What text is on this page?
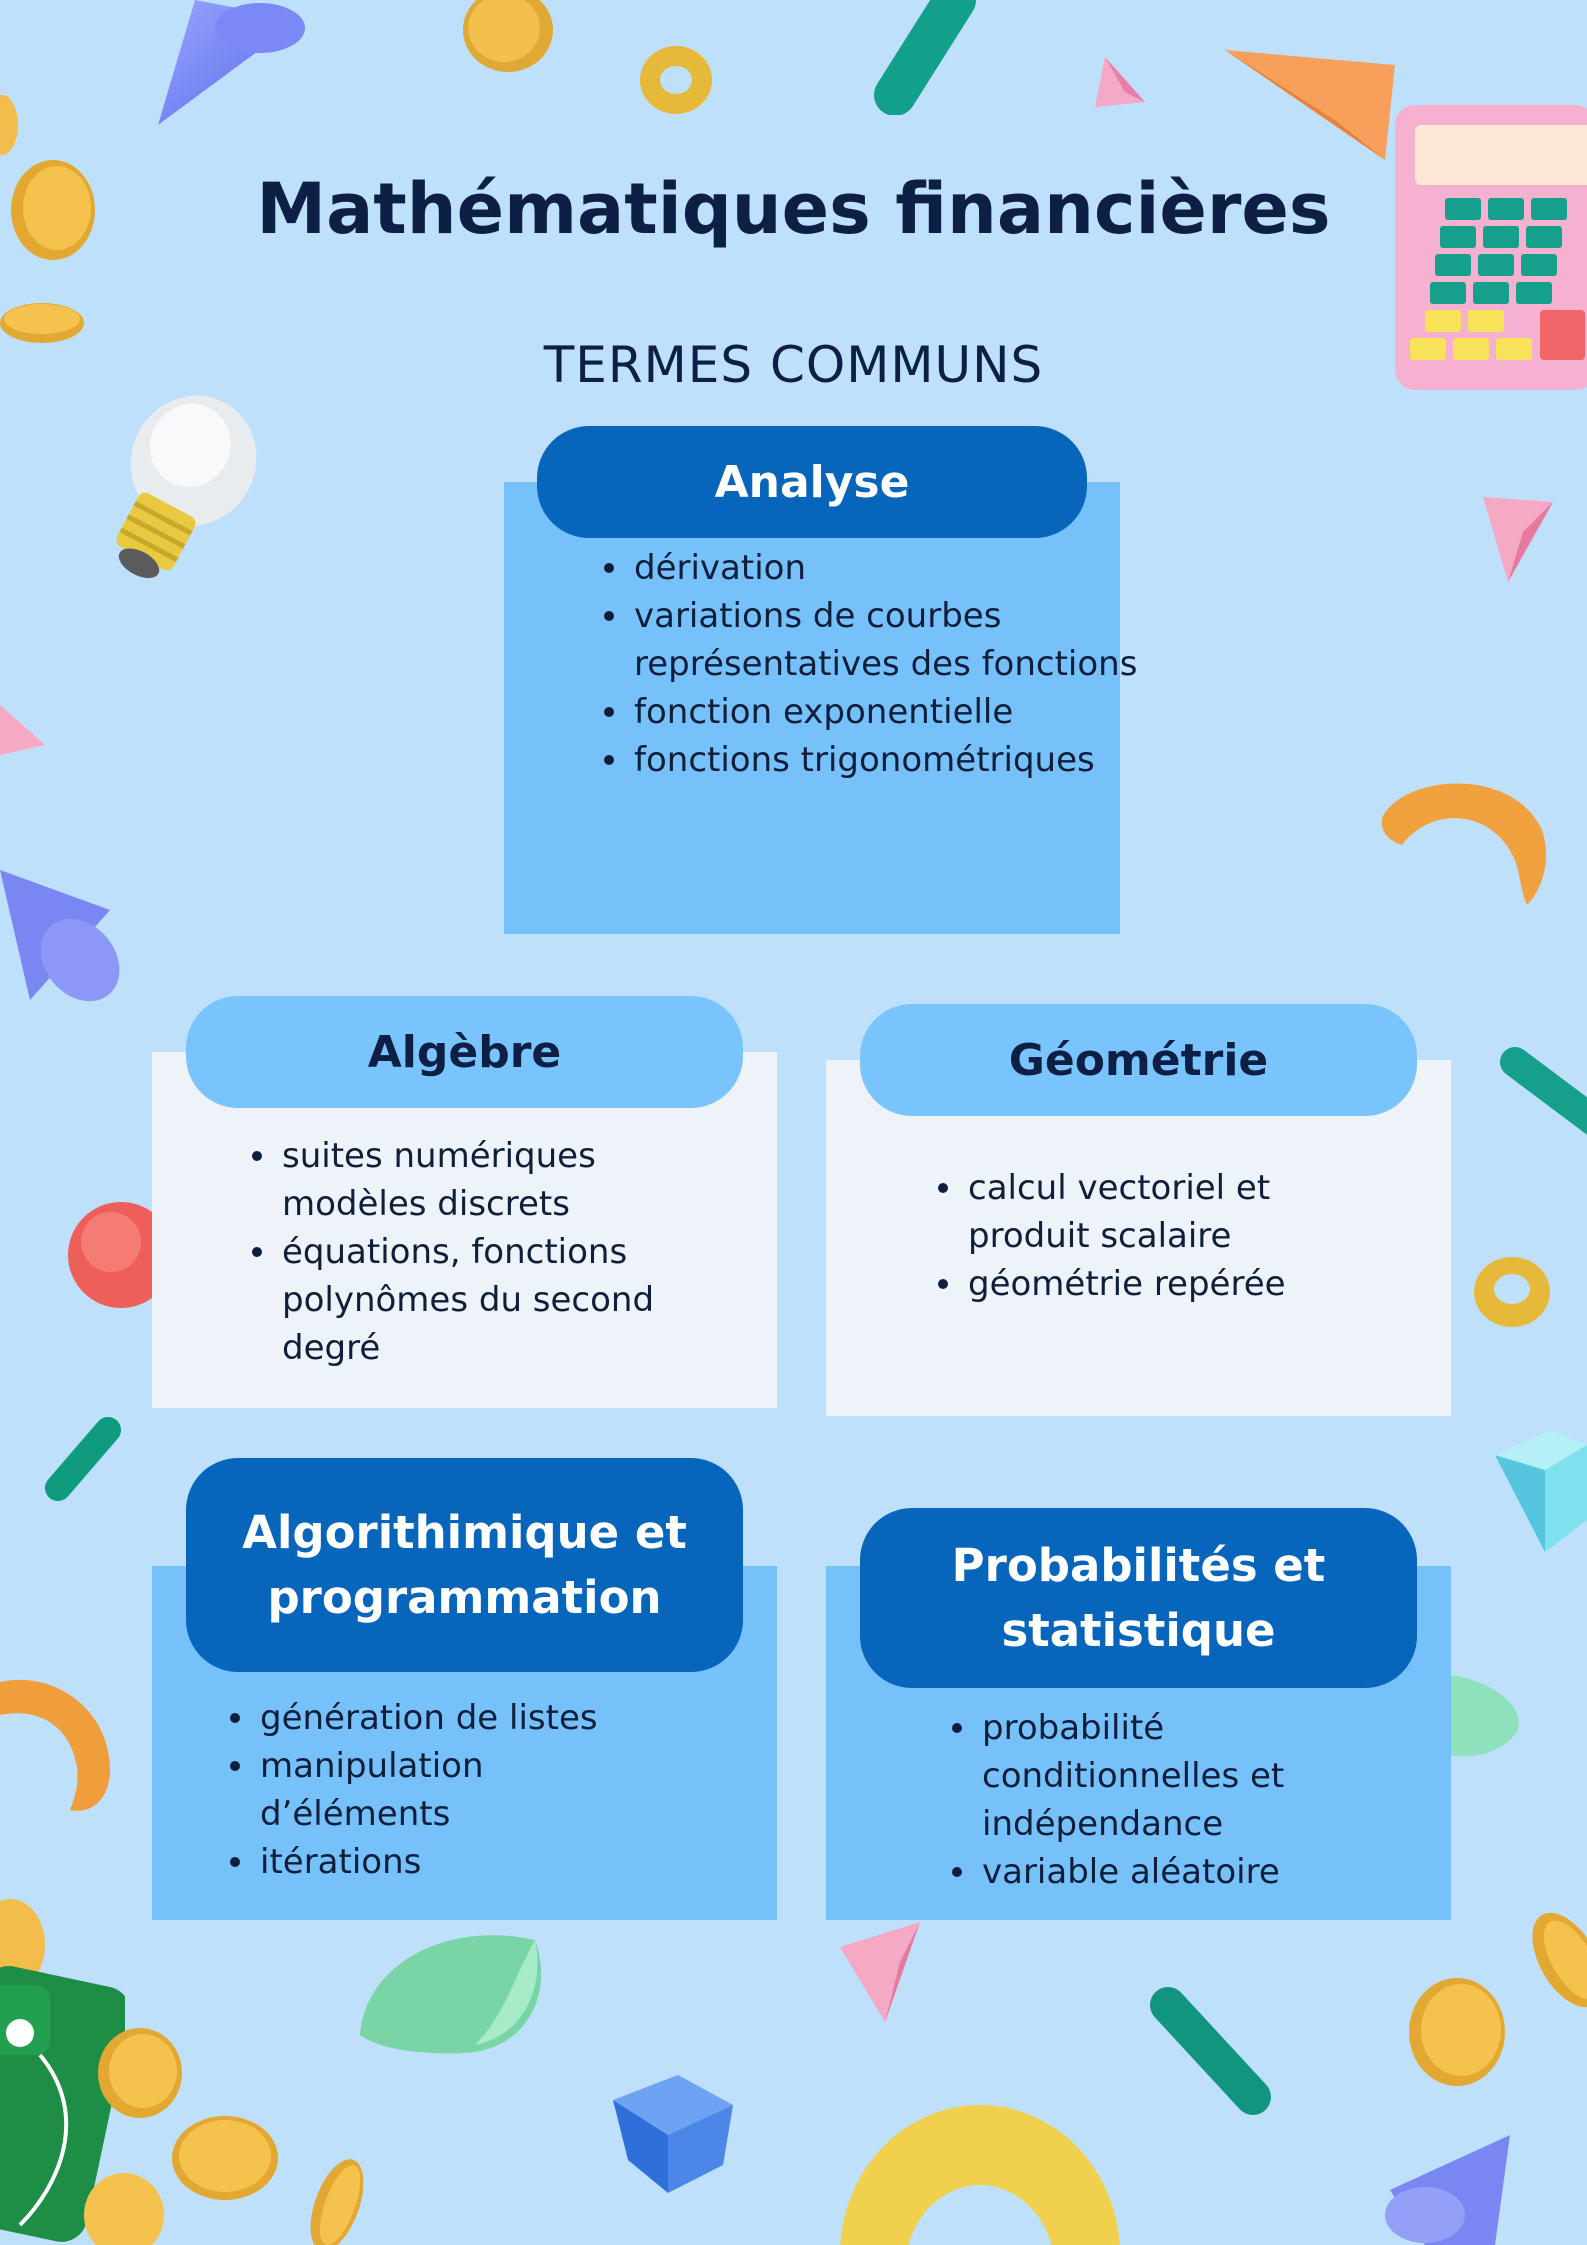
Mathématiques financières
TERMES COMMUNS
Analyse
dérivation
variations de courbes représentatives des fonctions
fonction exponentielle
fonctions trigonométriques
Algèbre
suites numériques modèles discrets
équations, fonctions polynômes du second degré
Géométrie
calcul vectoriel et produit scalaire
géométrie repérée
Algorithimique et programmation
génération de listes
manipulation d’éléments
itérations
Probabilités et statistique
probabilité conditionnelles et indépendance
variable aléatoire
